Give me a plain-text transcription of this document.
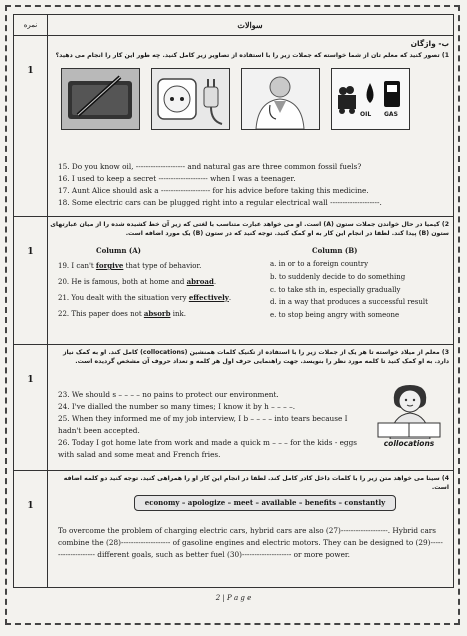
نمره	سوالات
1
ب- واژگان
1) تصور کنید که معلم تان از شما خواسته که جملات زیر را با استفاده از تصاویر زیر کامل کنید. چه طور این کار را انجام می دهید؟
OIL GAS
15. Do you know oil, -------------------- and natural gas are three common fossil fuels?
16. I used to keep a secret -------------------- when I was a teenager.
17. Aunt Alice should ask a -------------------- for his advice before taking this medicine.
18. Some electric cars can be plugged right into a regular electrical wall --------------------.
1
2) کیمیا در حال خواندن جملات ستون (A) است. او می خواهد عبارت متناسب با لغتی که زیر آن خط کشیده شده را از میان عبارتهای ستون (B) پیدا کند. لطفا در انجام این کار به او کمک کنید. توجه کنید که در ستون (B) یک مورد اضافه است.
Column (A)	Column (B)
19. I can't forgive that type of behavior.
20. He is famous, both at home and abroad.
21. You dealt with the situation very effectively.
22. This paper does not absorb ink.
a. in or to a foreign country
b. to suddenly decide to do something
c. to take sth in, especially gradually
d. in a way that produces a successful result
e. to stop being angry with someone
1
3) معلم از میلاد خواسته تا هر یک از جملات زیر را با استفاده از تکنیک کلمات همنشین (collocations) کامل کند. او به کمک نیاز دارد. به او کمک کنید تا کلمه مورد نظر را بنویسد. جهت راهنمایی حرف اول هر کلمه و تعداد حروف آن مشخص گردیده است.
23. We should s – – – – no pains to protect our environment.
24. I've dialled the number so many times; I know it by h – – – –.
25. When they informed me of my job interview, I b – – – – into tears because I hadn't been accepted.
26. Today I got home late from work and made a quick m – – – for the kids - eggs with salad and some meat and French fries.
collocations
1
4) سینا می خواهد متن زیر را با کلمات داخل کادر کامل کند. لطفا در انجام این کار او را همراهی کنید. توجه کنید دو کلمه اضافه است.
economy – apologize – meet – available – benefits – constantly
To overcome the problem of charging electric cars, hybrid cars are also (27)-------------------. Hybrid cars combine the (28)-------------------- of gasoline engines and electric motors. They can be designed to (29)-------------------- different goals, such as better fuel (30)-------------------- or more power.
2 | P a g e
